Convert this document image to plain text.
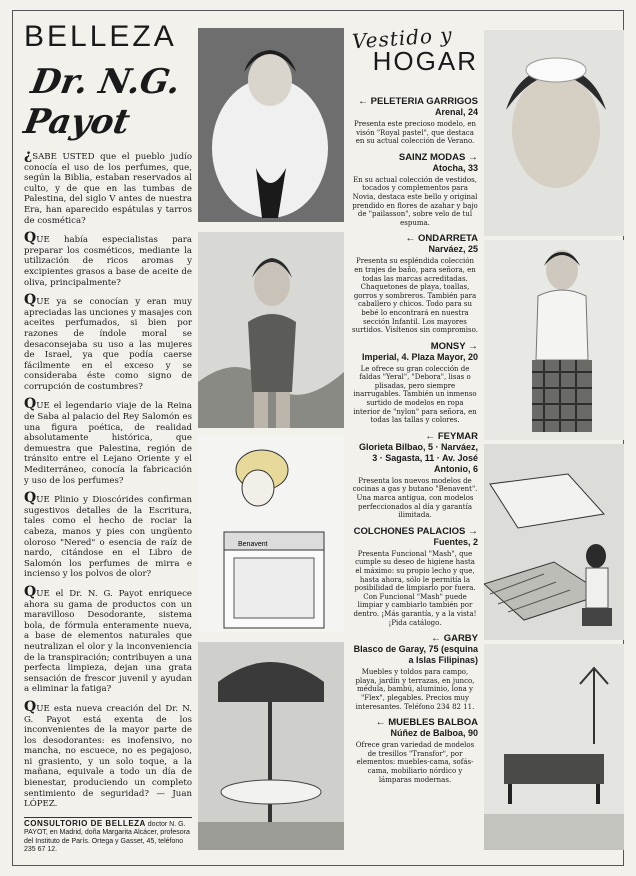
BELLEZA
Dr. N.G. Payot

¿SABE USTED que el pueblo judío conocía el uso de los perfumes, que, según la Biblia, estaban reservados al culto, y de que en las tumbas de Palestina, del siglo V antes de nuestra Era, han aparecido espátulas y tarros de cosmética?

QUE había especialistas para preparar los cosméticos, mediante la utilización de ricos aromas y excipientes grasos a base de aceite de oliva, principalmente?

QUE ya se conocían y eran muy apreciadas las unciones y masajes con aceites perfumados, si bien por razones de índole moral se desaconsejaba su uso a las mujeres de Israel, ya que podía caerse fácilmente en el exceso y se consideraba éste como signo de corrupción de costumbres?

QUE el legendario viaje de la Reina de Saba al palacio del Rey Salomón es una figura poética, de realidad absolutamente histórica, que demuestra que Palestina, región de tránsito entre el Lejano Oriente y el Mediterráneo, conocía la fabricación y uso de los perfumes?

QUE Plinio y Dioscórides confirman sugestivos detalles de la Escritura, tales como el hecho de rociar la cabeza, manos y pies con ungüento oloroso "Nered" o esencia de raíz de nardo, citándose en el Libro de Salomón los perfumes de mirra e incienso y los polvos de olor?

QUE el Dr. N. G. Payot enriquece ahora su gama de productos con un maravilloso Desodorante, sistema bola, de fórmula enteramente nueva, a base de elementos naturales que neutralizan el olor y la inconveniencia de la transpiración; contribuyen a una perfecta limpieza, dejan una grata sensación de frescor juvenil y ayudan a eliminar la fatiga?

QUE esta nueva creación del Dr. N. G. Payot está exenta de los inconvenientes de la mayor parte de los desodorantes: es inofensivo, no mancha, no escuece, no es pegajoso, ni grasiento, y un solo toque, a la mañana, equivale a todo un día de bienestar, produciendo un completo sentimiento de seguridad? — Juan LÓPEZ.

CONSULTORIO DE BELLEZA doctor N. G. PAYOT, en Madrid, doña Margarita Alcácer, profesora del Instituto de París. Ortega y Gasset, 45, teléfono 235 67 12.
Benavent
Vestido y
HOGAR
← PELETERIA GARRIGOS
Arenal, 24
Presenta este precioso modelo, en visón "Royal pastel", que destaca en su actual colección de Verano.
SAINZ MODAS →
Atocha, 33
En su actual colección de vestidos, tocados y complementos para Novia, destaca este bello y original prendido en flores de azahar y bajo de "pailasson", sobre velo de tul espuma.
← ONDARRETA
Narváez, 25
Presenta su espléndida colección en trajes de baño, para señora, en todas las marcas acreditadas. Chaquetones de playa, toallas, gorros y sombreros. También para caballero y chicos. Todo para su bebé lo encontrará en nuestra sección Infantil. Los mayores surtidos. Visítenos sin compromiso.
MONSY →
Imperial, 4. Plaza Mayor, 20
Le ofrece su gran colección de faldas "Yeral", "Debora", lisas o plisadas, pero siempre inarrugables. También un inmenso surtido de modelos en ropa interior de "nylon" para señora, en todas las tallas y colores.
← FEYMAR
Glorieta Bilbao, 5 · Narváez, 3 · Sagasta, 11 · Av. José Antonio, 6
Presenta los nuevos modelos de cocinas a gas y butano "Benavent". Una marca antigua, con modelos perfeccionados al día y garantía ilimitada.
COLCHONES PALACIOS →
Fuentes, 2
Presenta Funcional "Mash", que cumple su deseo de higiene hasta el máximo: su propio lecho y que, hasta ahora, sólo le permitía la posibilidad de limpiarlo por fuera. Con Funcional "Mash" puede limpiar y cambiarlo también por dentro. ¡Más garantía, y a la vista! ¡Pida catálogo.
← GARBY
Blasco de Garay, 75 (esquina a Islas Filipinas)
Muebles y toldos para campo, playa, jardín y terrazas, en junco, médula, bambú, aluminio, lona y "Flex", plegables. Precios muy interesantes. Teléfono 234 82 11.
← MUEBLES BALBOA
Núñez de Balboa, 90
Ofrece gran variedad de modelos de tresillos "Transfor", por elementos: muebles-cama, sofás-cama, mobiliario nórdico y lámparas modernas.
